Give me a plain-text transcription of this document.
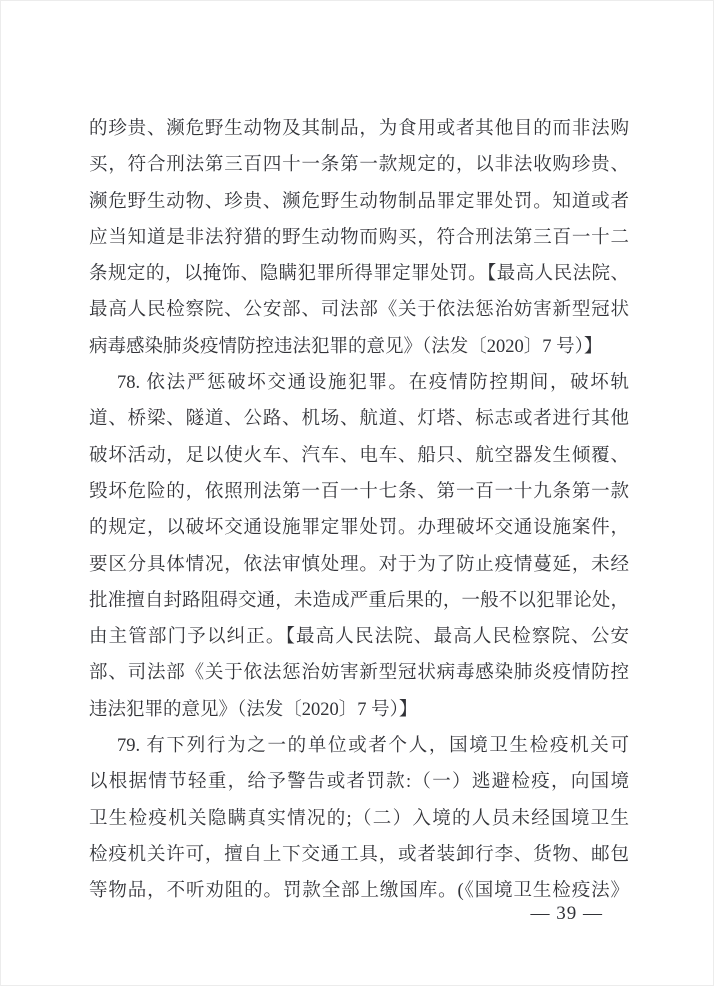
的珍贵、濒危野生动物及其制品，为食用或者其他目的而非法购
买，符合刑法第三百四十一条第一款规定的，以非法收购珍贵、
濒危野生动物、珍贵、濒危野生动物制品罪定罪处罚。知道或者
应当知道是非法狩猎的野生动物而购买，符合刑法第三百一十二
条规定的，以掩饰、隐瞒犯罪所得罪定罪处罚。【最高人民法院、
最高人民检察院、公安部、司法部《关于依法惩治妨害新型冠状
病毒感染肺炎疫情防控违法犯罪的意见》（法发〔2020〕7 号）】
78. 依法严惩破坏交通设施犯罪。在疫情防控期间，破坏轨
道、桥梁、隧道、公路、机场、航道、灯塔、标志或者进行其他
破坏活动，足以使火车、汽车、电车、船只、航空器发生倾覆、
毁坏危险的，依照刑法第一百一十七条、第一百一十九条第一款
的规定，以破坏交通设施罪定罪处罚。办理破坏交通设施案件，
要区分具体情况，依法审慎处理。对于为了防止疫情蔓延，未经
批准擅自封路阻碍交通，未造成严重后果的，一般不以犯罪论处，
由主管部门予以纠正。【最高人民法院、最高人民检察院、公安
部、司法部《关于依法惩治妨害新型冠状病毒感染肺炎疫情防控
违法犯罪的意见》（法发〔2020〕7 号）】
79. 有下列行为之一的单位或者个人，国境卫生检疫机关可
以根据情节轻重，给予警告或者罚款:（一）逃避检疫，向国境
卫生检疫机关隐瞒真实情况的;（二）入境的人员未经国境卫生
检疫机关许可，擅自上下交通工具，或者装卸行李、货物、邮包
等物品，不听劝阻的。罚款全部上缴国库。(《国境卫生检疫法》
— 39 —
